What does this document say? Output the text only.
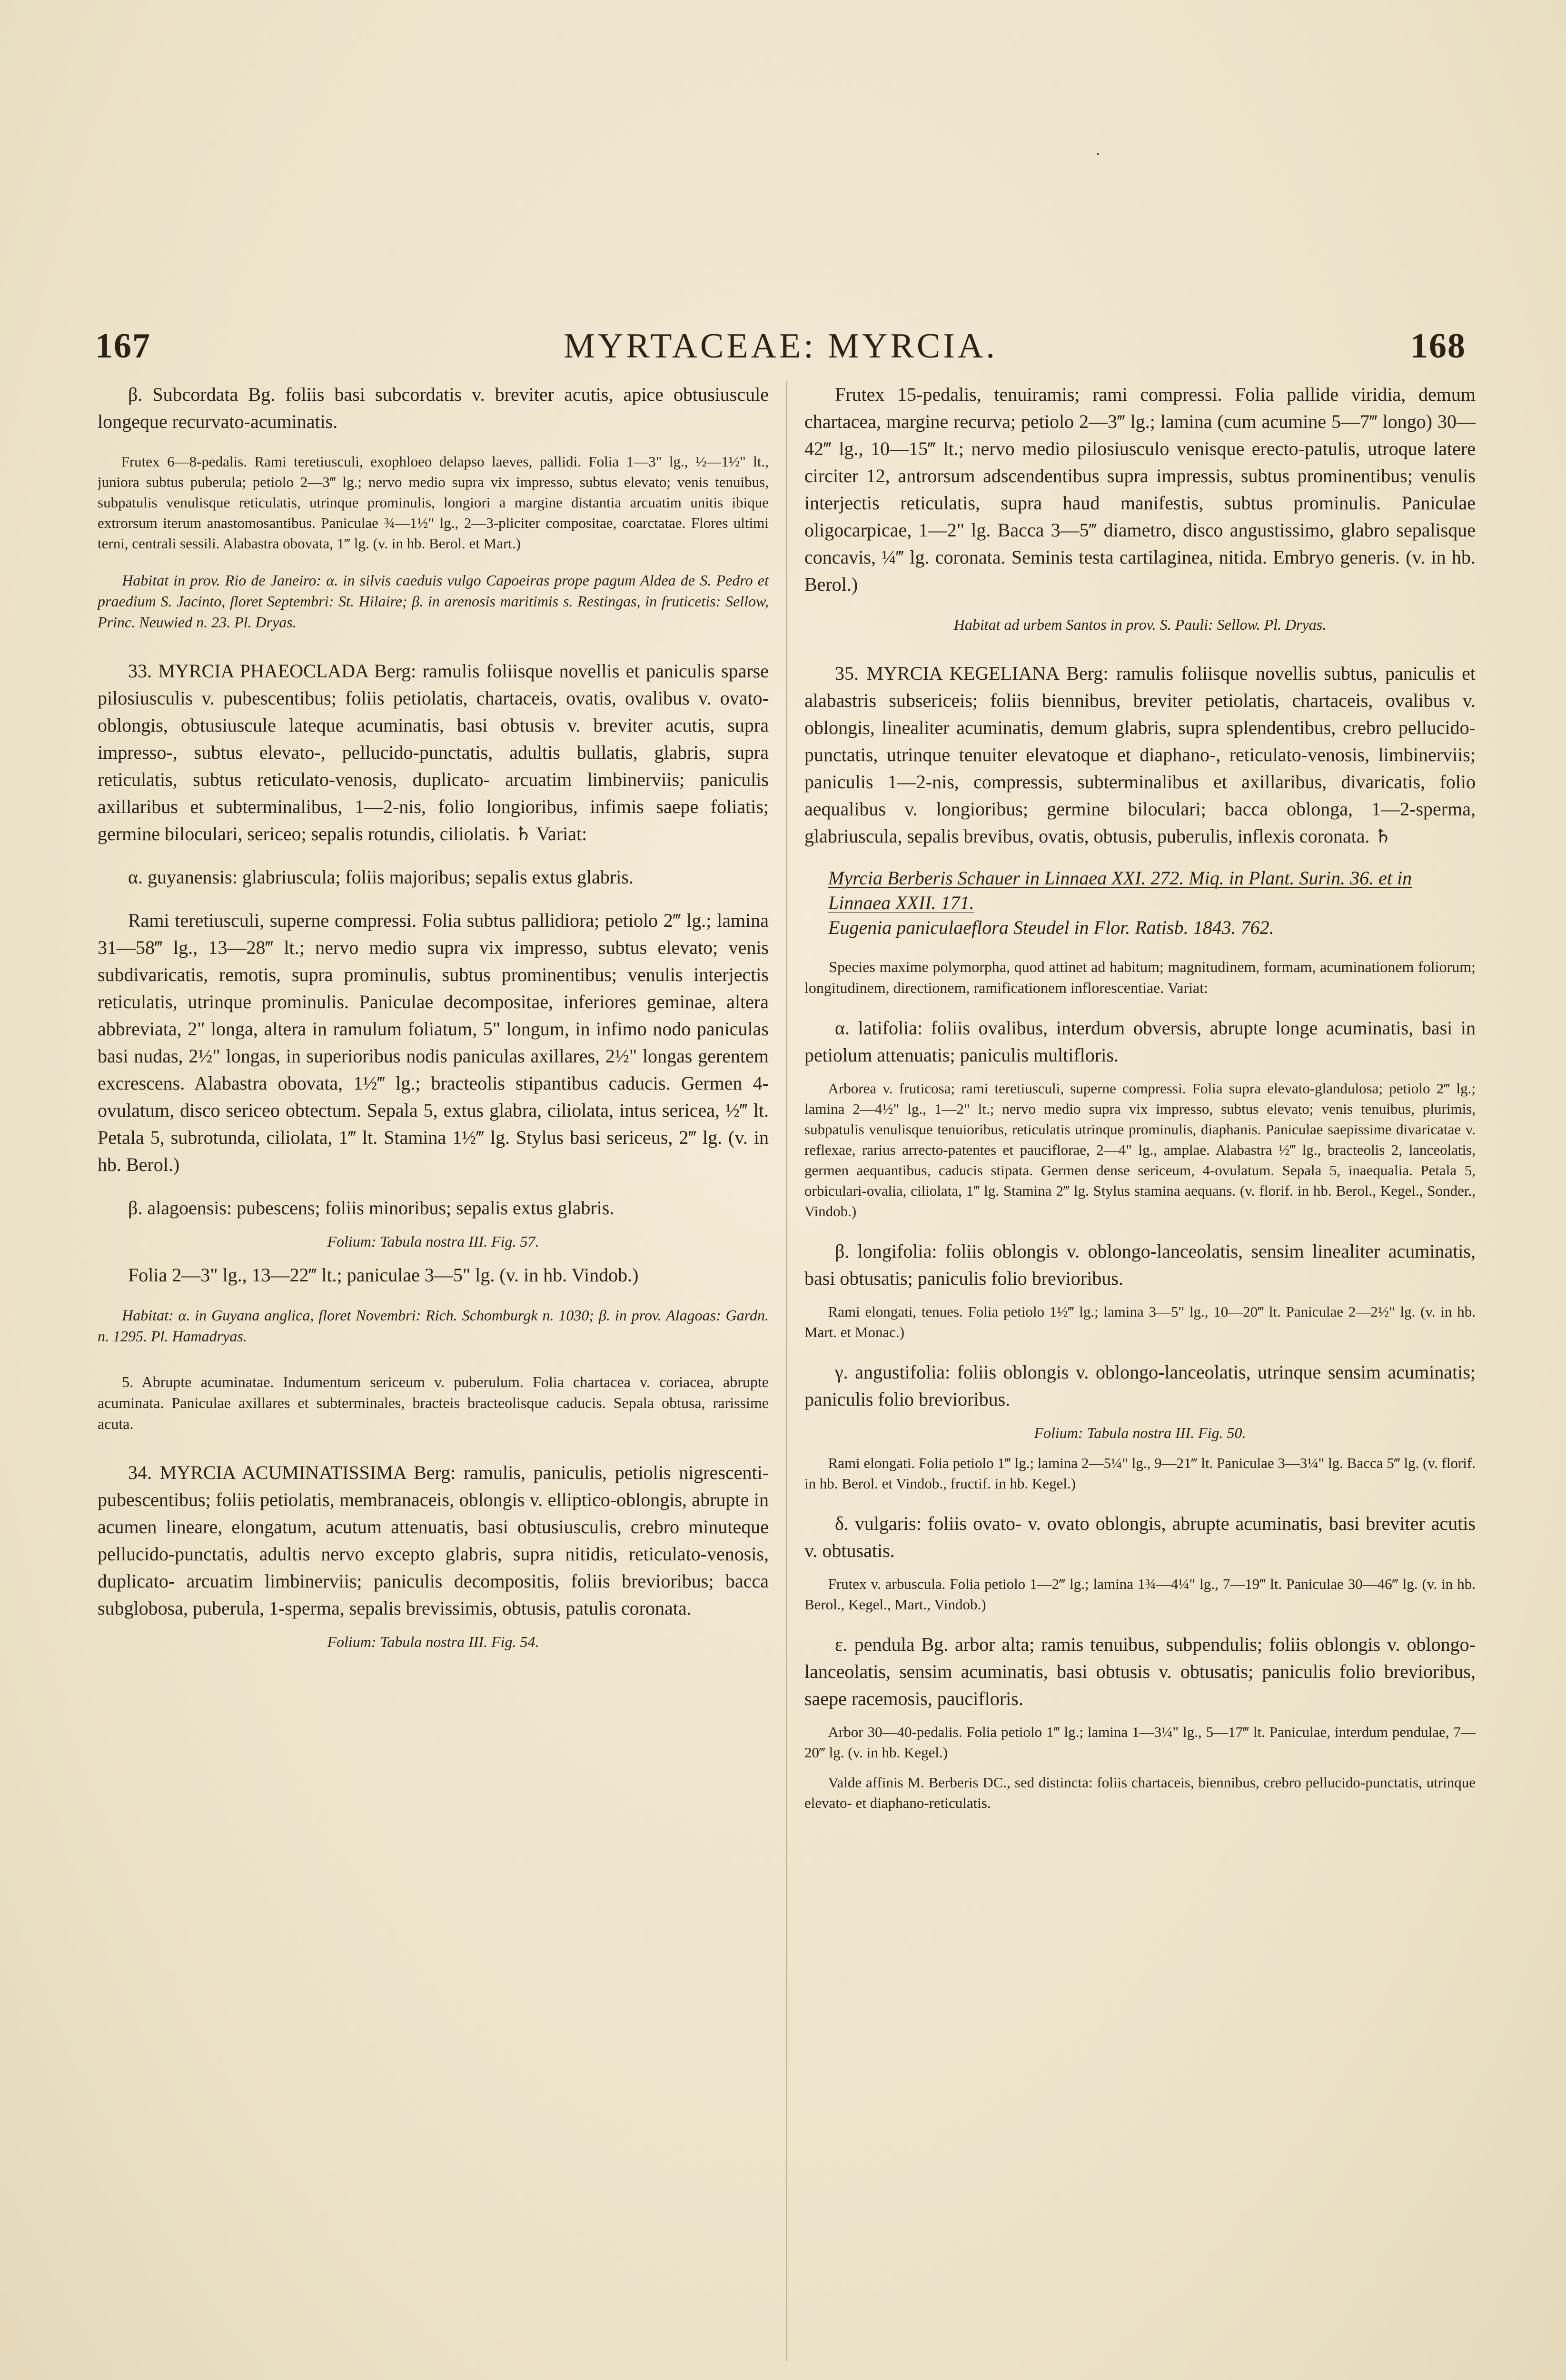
·
167	MYRTACEAE: MYRCIA.	168

β. Subcordata Bg. foliis basi subcordatis v. breviter acutis, apice obtusiuscule longeque recurvato-acuminatis.

Frutex 6—8-pedalis. Rami teretiusculi, exophloeo delapso laeves, pallidi. Folia 1—3" lg., ½—1½" lt., juniora subtus puberula; petiolo 2—3‴ lg.; nervo medio supra vix impresso, subtus elevato; venis tenuibus, subpatulis venulisque reticulatis, utrinque prominulis, longiori a margine distantia arcuatim unitis ibique extrorsum iterum anastomosantibus. Paniculae ¾—1½" lg., 2—3-pliciter compositae, coarctatae. Flores ultimi terni, centrali sessili. Alabastra obovata, 1‴ lg. (v. in hb. Berol. et Mart.)

Habitat in prov. Rio de Janeiro: α. in silvis caeduis vulgo Capoeiras prope pagum Aldea de S. Pedro et praedium S. Jacinto, floret Septembri: St. Hilaire; β. in arenosis maritimis s. Restingas, in fruticetis: Sellow, Princ. Neuwied n. 23. Pl. Dryas.

33. MYRCIA PHAEOCLADA Berg: ramulis foliisque novellis et paniculis sparse pilosiusculis v. pubescentibus; foliis petiolatis, chartaceis, ovatis, ovalibus v. ovato-oblongis, obtusiuscule lateque acuminatis, basi obtusis v. breviter acutis, supra impresso-, subtus elevato-, pellucido-punctatis, adultis bullatis, glabris, supra reticulatis, subtus reticulato-venosis, duplicato- arcuatim limbinerviis; paniculis axillaribus et subterminalibus, 1—2-nis, folio longioribus, infimis saepe foliatis; germine biloculari, sericeo; sepalis rotundis, ciliolatis. ♄ Variat:

α. guyanensis: glabriuscula; foliis majoribus; sepalis extus glabris.

Rami teretiusculi, superne compressi. Folia subtus pallidiora; petiolo 2‴ lg.; lamina 31—58‴ lg., 13—28‴ lt.; nervo medio supra vix impresso, subtus elevato; venis subdivaricatis, remotis, supra prominulis, subtus prominentibus; venulis interjectis reticulatis, utrinque prominulis. Paniculae decompositae, inferiores geminae, altera abbreviata, 2" longa, altera in ramulum foliatum, 5" longum, in infimo nodo paniculas basi nudas, 2½" longas, in superioribus nodis paniculas axillares, 2½" longas gerentem excrescens. Alabastra obovata, 1½‴ lg.; bracteolis stipantibus caducis. Germen 4-ovulatum, disco sericeo obtectum. Sepala 5, extus glabra, ciliolata, intus sericea, ½‴ lt. Petala 5, subrotunda, ciliolata, 1‴ lt. Stamina 1½‴ lg. Stylus basi sericeus, 2‴ lg. (v. in hb. Berol.)

β. alagoensis: pubescens; foliis minoribus; sepalis extus glabris.

Folium: Tabula nostra III. Fig. 57.

Folia 2—3" lg., 13—22‴ lt.; paniculae 3—5" lg. (v. in hb. Vindob.)

Habitat: α. in Guyana anglica, floret Novembri: Rich. Schomburgk n. 1030; β. in prov. Alagoas: Gardn. n. 1295. Pl. Hamadryas.

5. Abrupte acuminatae. Indumentum sericeum v. puberulum. Folia chartacea v. coriacea, abrupte acuminata. Paniculae axillares et subterminales, bracteis bracteolisque caducis. Sepala obtusa, rarissime acuta.

34. MYRCIA ACUMINATISSIMA Berg: ramulis, paniculis, petiolis nigrescenti-pubescentibus; foliis petiolatis, membranaceis, oblongis v. elliptico-oblongis, abrupte in acumen lineare, elongatum, acutum attenuatis, basi obtusiusculis, crebro minuteque pellucido-punctatis, adultis nervo excepto glabris, supra nitidis, reticulato-venosis, duplicato- arcuatim limbinerviis; paniculis decompositis, foliis brevioribus; bacca subglobosa, puberula, 1-sperma, sepalis brevissimis, obtusis, patulis coronata.

Folium: Tabula nostra III. Fig. 54.

Frutex 15-pedalis, tenuiramis; rami compressi. Folia pallide viridia, demum chartacea, margine recurva; petiolo 2—3‴ lg.; lamina (cum acumine 5—7‴ longo) 30—42‴ lg., 10—15‴ lt.; nervo medio pilosiusculo venisque erecto-patulis, utroque latere circiter 12, antrorsum adscendentibus supra impressis, subtus prominentibus; venulis interjectis reticulatis, supra haud manifestis, subtus prominulis. Paniculae oligocarpicae, 1—2" lg. Bacca 3—5‴ diametro, disco angustissimo, glabro sepalisque concavis, ¼‴ lg. coronata. Seminis testa cartilaginea, nitida. Embryo generis. (v. in hb. Berol.)

Habitat ad urbem Santos in prov. S. Pauli: Sellow. Pl. Dryas.

35. MYRCIA KEGELIANA Berg: ramulis foliisque novellis subtus, paniculis et alabastris subsericeis; foliis biennibus, breviter petiolatis, chartaceis, ovalibus v. oblongis, linealiter acuminatis, demum glabris, supra splendentibus, crebro pellucido-punctatis, utrinque tenuiter elevatoque et diaphano-, reticulato-venosis, limbinerviis; paniculis 1—2-nis, compressis, subterminalibus et axillaribus, divaricatis, folio aequalibus v. longioribus; germine biloculari; bacca oblonga, 1—2-sperma, glabriuscula, sepalis brevibus, ovatis, obtusis, puberulis, inflexis coronata. ♄

Myrcia Berberis Schauer in Linnaea XXI. 272. Miq. in Plant. Surin. 36. et in Linnaea XXII. 171.
Eugenia paniculaeflora Steudel in Flor. Ratisb. 1843. 762.

Species maxime polymorpha, quod attinet ad habitum; magnitudinem, formam, acuminationem foliorum; longitudinem, directionem, ramificationem inflorescentiae. Variat:

α. latifolia: foliis ovalibus, interdum obversis, abrupte longe acuminatis, basi in petiolum attenuatis; paniculis multifloris.

Arborea v. fruticosa; rami teretiusculi, superne compressi. Folia supra elevato-glandulosa; petiolo 2‴ lg.; lamina 2—4½" lg., 1—2" lt.; nervo medio supra vix impresso, subtus elevato; venis tenuibus, plurimis, subpatulis venulisque tenuioribus, reticulatis utrinque prominulis, diaphanis. Paniculae saepissime divaricatae v. reflexae, rarius arrecto-patentes et pauciflorae, 2—4" lg., amplae. Alabastra ½‴ lg., bracteolis 2, lanceolatis, germen aequantibus, caducis stipata. Germen dense sericeum, 4-ovulatum. Sepala 5, inaequalia. Petala 5, orbiculari-ovalia, ciliolata, 1‴ lg. Stamina 2‴ lg. Stylus stamina aequans. (v. florif. in hb. Berol., Kegel., Sonder., Vindob.)

β. longifolia: foliis oblongis v. oblongo-lanceolatis, sensim linealiter acuminatis, basi obtusatis; paniculis folio brevioribus.

Rami elongati, tenues. Folia petiolo 1½‴ lg.; lamina 3—5" lg., 10—20‴ lt. Paniculae 2—2½" lg. (v. in hb. Mart. et Monac.)

γ. angustifolia: foliis oblongis v. oblongo-lanceolatis, utrinque sensim acuminatis; paniculis folio brevioribus.

Folium: Tabula nostra III. Fig. 50.

Rami elongati. Folia petiolo 1‴ lg.; lamina 2—5¼" lg., 9—21‴ lt. Paniculae 3—3¼" lg. Bacca 5‴ lg. (v. florif. in hb. Berol. et Vindob., fructif. in hb. Kegel.)

δ. vulgaris: foliis ovato- v. ovato oblongis, abrupte acuminatis, basi breviter acutis v. obtusatis.

Frutex v. arbuscula. Folia petiolo 1—2‴ lg.; lamina 1¾—4¼" lg., 7—19‴ lt. Paniculae 30—46‴ lg. (v. in hb. Berol., Kegel., Mart., Vindob.)

ε. pendula Bg. arbor alta; ramis tenuibus, subpendulis; foliis oblongis v. oblongo-lanceolatis, sensim acuminatis, basi obtusis v. obtusatis; paniculis folio brevioribus, saepe racemosis, paucifloris.

Arbor 30—40-pedalis. Folia petiolo 1‴ lg.; lamina 1—3¼" lg., 5—17‴ lt. Paniculae, interdum pendulae, 7—20‴ lg. (v. in hb. Kegel.)

Valde affinis M. Berberis DC., sed distincta: foliis chartaceis, biennibus, crebro pellucido-punctatis, utrinque elevato- et diaphano-reticulatis.
